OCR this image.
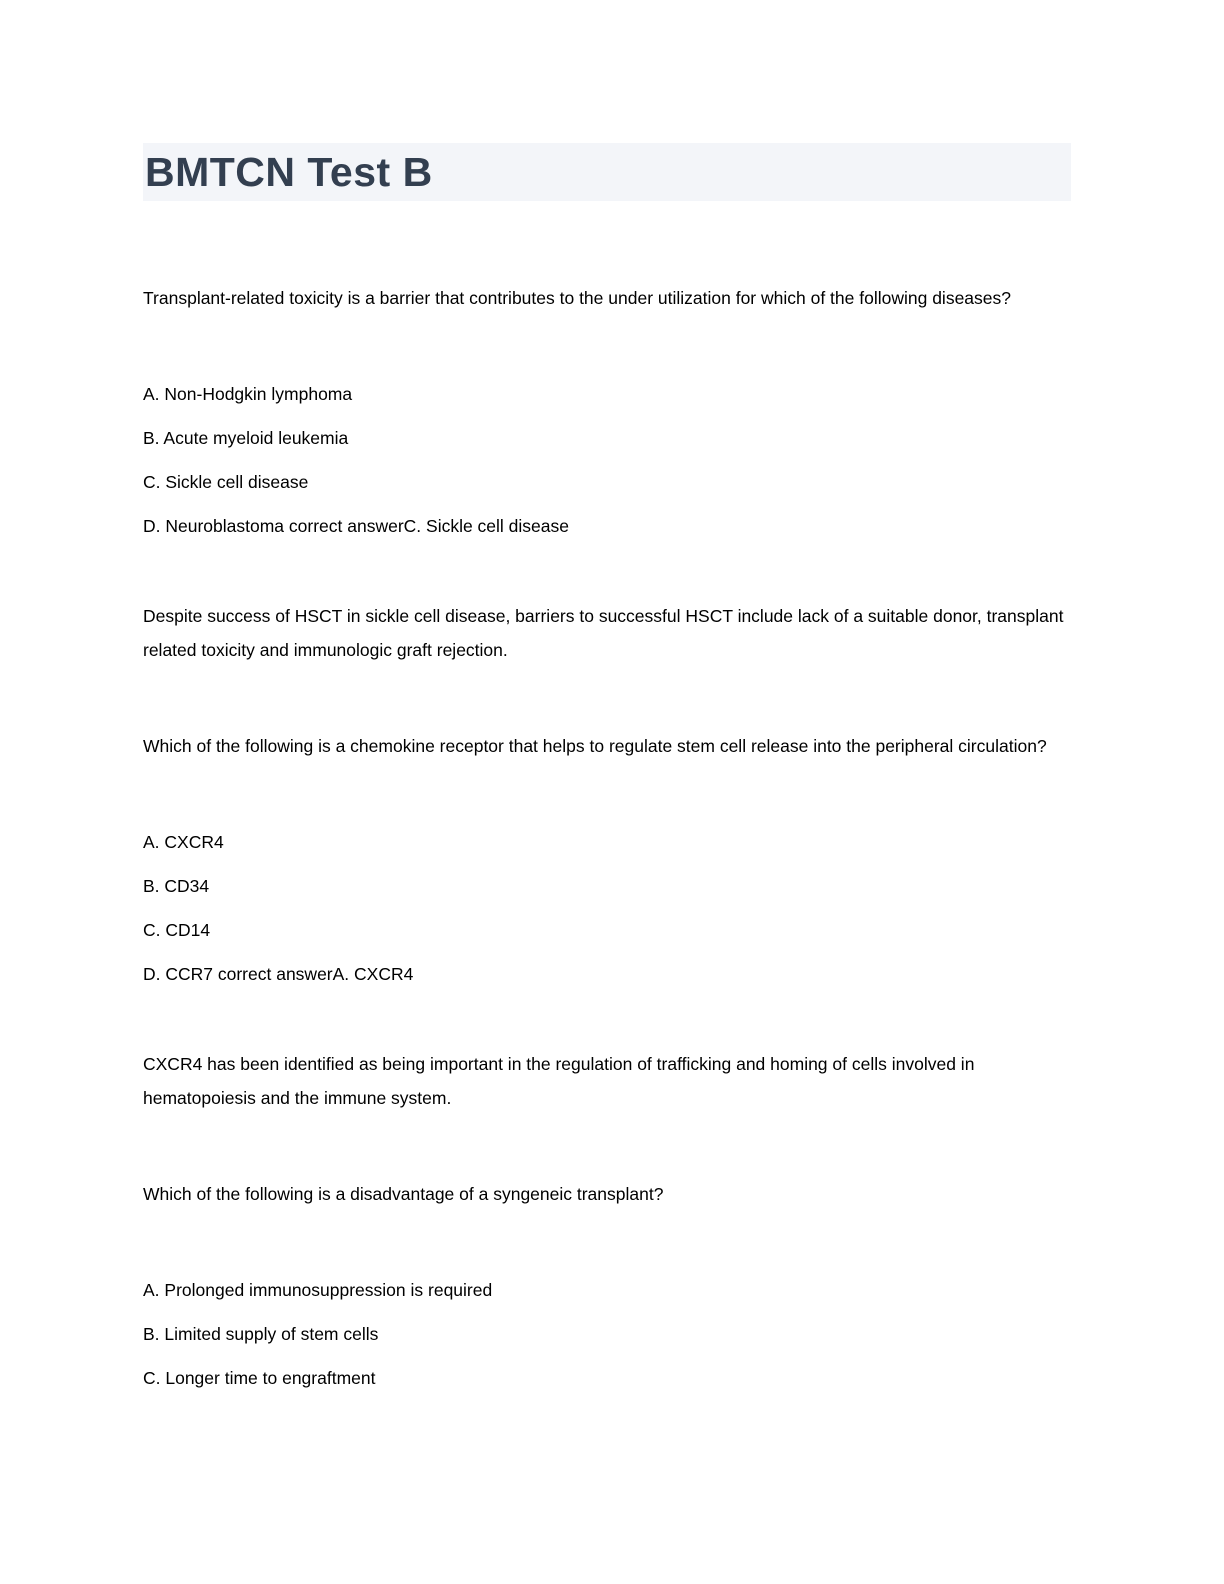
BMTCN Test B

Transplant-related toxicity is a barrier that contributes to the under utilization for which of the following diseases?

A. Non-Hodgkin lymphoma

B. Acute myeloid leukemia

C. Sickle cell disease

D. Neuroblastoma correct answerC. Sickle cell disease

Despite success of HSCT in sickle cell disease, barriers to successful HSCT include lack of a suitable donor, transplant related toxicity and immunologic graft rejection.

Which of the following is a chemokine receptor that helps to regulate stem cell release into the peripheral circulation?

A. CXCR4

B. CD34

C. CD14

D. CCR7 correct answerA. CXCR4

CXCR4 has been identified as being important in the regulation of trafficking and homing of cells involved in hematopoiesis and the immune system.

Which of the following is a disadvantage of a syngeneic transplant?

A. Prolonged immunosuppression is required

B. Limited supply of stem cells

C. Longer time to engraftment
